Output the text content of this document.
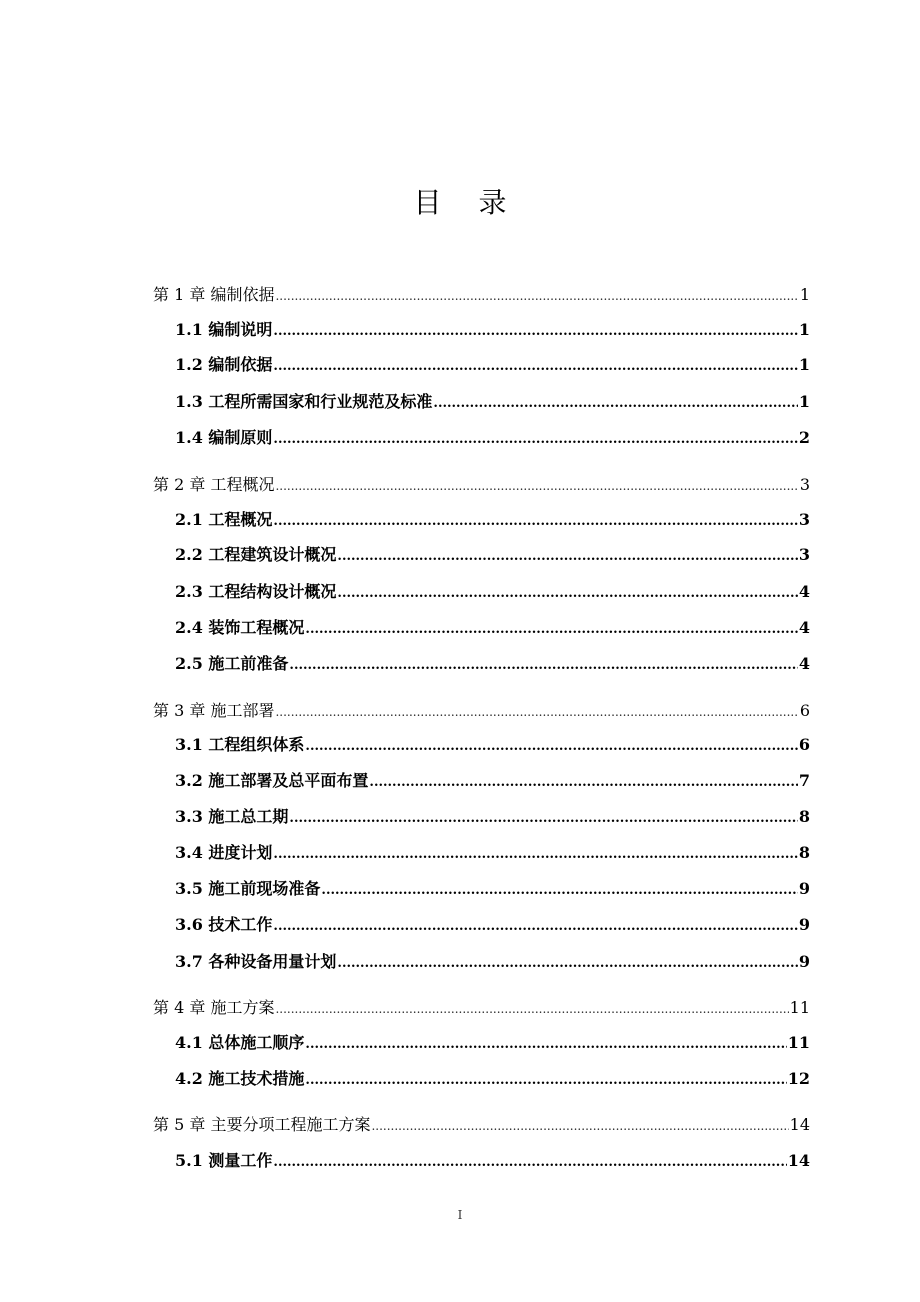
目 录
第 1 章 编制依据 .....	1
1.1 编制说明 .....	1
1.2 编制依据 .....	1
1.3 工程所需国家和行业规范及标准 .....	1
1.4 编制原则 .....	2
第 2 章 工程概况 .....	3
2.1 工程概况 .....	3
2.2 工程建筑设计概况 .....	3
2.3 工程结构设计概况 .....	4
2.4 装饰工程概况 .....	4
2.5 施工前准备 .....	4
第 3 章 施工部署 .....	6
3.1 工程组织体系 .....	6
3.2 施工部署及总平面布置 .....	7
3.3 施工总工期 .....	8
3.4 进度计划 .....	8
3.5 施工前现场准备 .....	9
3.6 技术工作 .....	9
3.7 各种设备用量计划 .....	9
第 4 章 施工方案 .....	11
4.1 总体施工顺序 .....	11
4.2 施工技术措施 .....	12
第 5 章 主要分项工程施工方案 .....	14
5.1 测量工作 .....	14
I
